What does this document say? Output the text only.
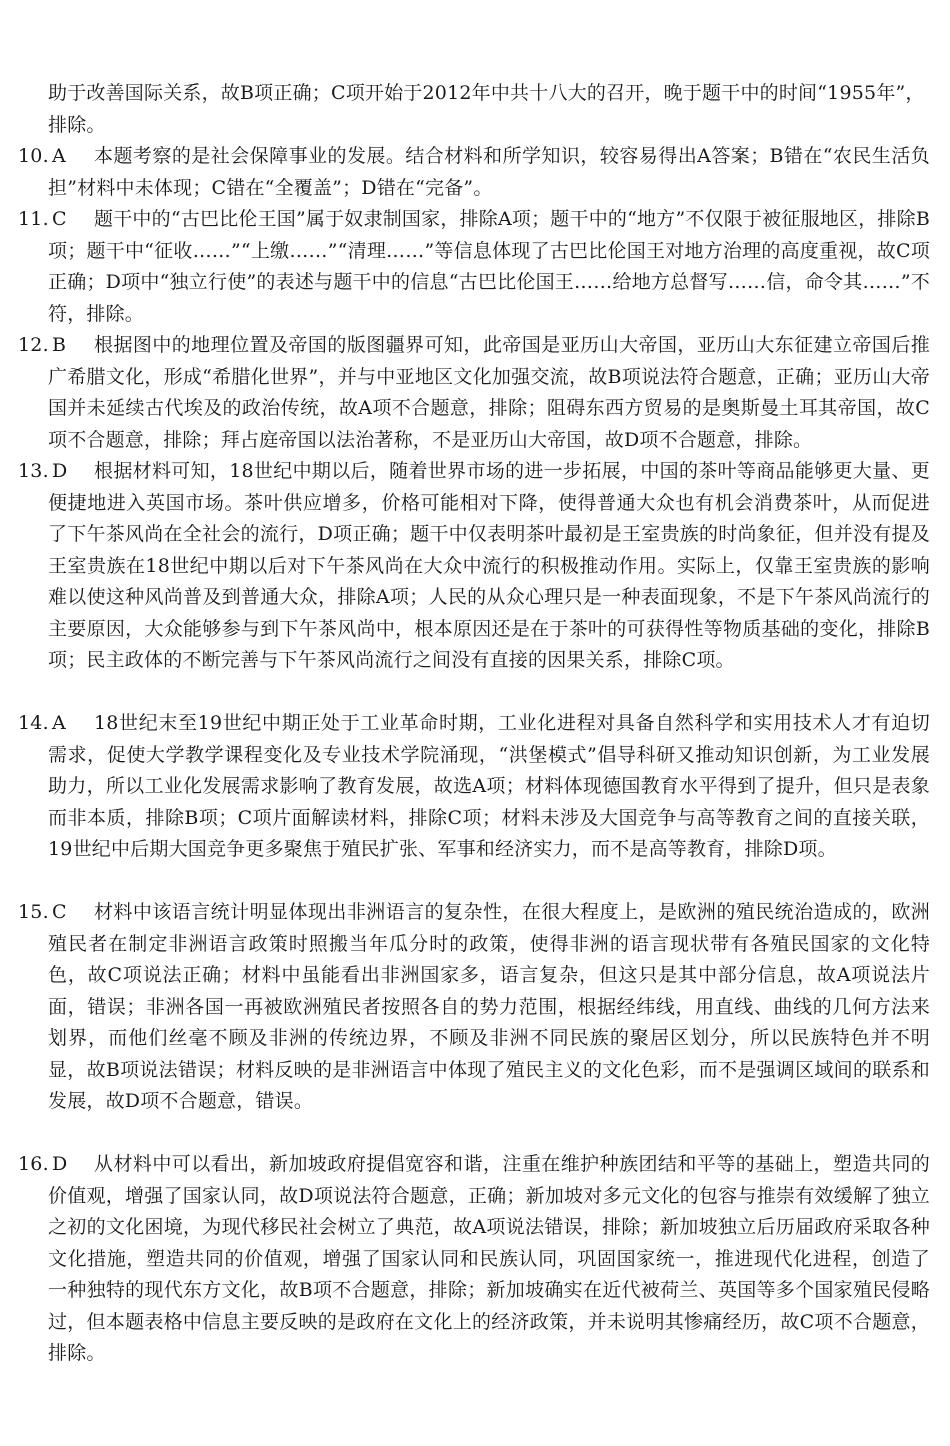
助于改善国际关系，故B项正确；C项开始于2012年中共十八大的召开，晚于题干中的时间“1955年”，排除。
10. A	本题考察的是社会保障事业的发展。结合材料和所学知识，较容易得出A答案；B错在“农民生活负担”材料中未体现；C错在“全覆盖”；D错在“完备”。
11. C	题干中的“古巴比伦王国”属于奴隶制国家，排除A项；题干中的“地方”不仅限于被征服地区，排除B项；题干中“征收……”“上缴……”“清理……”等信息体现了古巴比伦国王对地方治理的高度重视，故C项正确；D项中“独立行使”的表述与题干中的信息“古巴比伦国王……给地方总督写……信，命令其……”不符，排除。
12. B	根据图中的地理位置及帝国的版图疆界可知，此帝国是亚历山大帝国，亚历山大东征建立帝国后推广希腊文化，形成“希腊化世界”，并与中亚地区文化加强交流，故B项说法符合题意，正确；亚历山大帝国并未延续古代埃及的政治传统，故A项不合题意，排除；阻碍东西方贸易的是奥斯曼土耳其帝国，故C项不合题意，排除；拜占庭帝国以法治著称，不是亚历山大帝国，故D项不合题意，排除。
13. D	根据材料可知，18世纪中期以后，随着世界市场的进一步拓展，中国的茶叶等商品能够更大量、更便捷地进入英国市场。茶叶供应增多，价格可能相对下降，使得普通大众也有机会消费茶叶，从而促进了下午茶风尚在全社会的流行，D项正确；题干中仅表明茶叶最初是王室贵族的时尚象征，但并没有提及王室贵族在18世纪中期以后对下午茶风尚在大众中流行的积极推动作用。实际上，仅靠王室贵族的影响难以使这种风尚普及到普通大众，排除A项；人民的从众心理只是一种表面现象，不是下午茶风尚流行的主要原因，大众能够参与到下午茶风尚中，根本原因还是在于茶叶的可获得性等物质基础的变化，排除B项；民主政体的不断完善与下午茶风尚流行之间没有直接的因果关系，排除C项。
14. A	18世纪末至19世纪中期正处于工业革命时期，工业化进程对具备自然科学和实用技术人才有迫切需求，促使大学教学课程变化及专业技术学院涌现，“洪堡模式”倡导科研又推动知识创新，为工业发展助力，所以工业化发展需求影响了教育发展，故选A项；材料体现德国教育水平得到了提升，但只是表象而非本质，排除B项；C项片面解读材料，排除C项；材料未涉及大国竞争与高等教育之间的直接关联，19世纪中后期大国竞争更多聚焦于殖民扩张、军事和经济实力，而不是高等教育，排除D项。
15. C	材料中该语言统计明显体现出非洲语言的复杂性，在很大程度上，是欧洲的殖民统治造成的，欧洲殖民者在制定非洲语言政策时照搬当年瓜分时的政策，使得非洲的语言现状带有各殖民国家的文化特色，故C项说法正确；材料中虽能看出非洲国家多，语言复杂，但这只是其中部分信息，故A项说法片面，错误；非洲各国一再被欧洲殖民者按照各自的势力范围，根据经纬线，用直线、曲线的几何方法来划界，而他们丝毫不顾及非洲的传统边界，不顾及非洲不同民族的聚居区划分，所以民族特色并不明显，故B项说法错误；材料反映的是非洲语言中体现了殖民主义的文化色彩，而不是强调区域间的联系和发展，故D项不合题意，错误。
16. D	从材料中可以看出，新加坡政府提倡宽容和谐，注重在维护种族团结和平等的基础上，塑造共同的价值观，增强了国家认同，故D项说法符合题意，正确；新加坡对多元文化的包容与推崇有效缓解了独立之初的文化困境，为现代移民社会树立了典范，故A项说法错误，排除；新加坡独立后历届政府采取各种文化措施，塑造共同的价值观，增强了国家认同和民族认同，巩固国家统一，推进现代化进程，创造了一种独特的现代东方文化，故B项不合题意，排除；新加坡确实在近代被荷兰、英国等多个国家殖民侵略过，但本题表格中信息主要反映的是政府在文化上的经济政策，并未说明其惨痛经历，故C项不合题意，排除。
